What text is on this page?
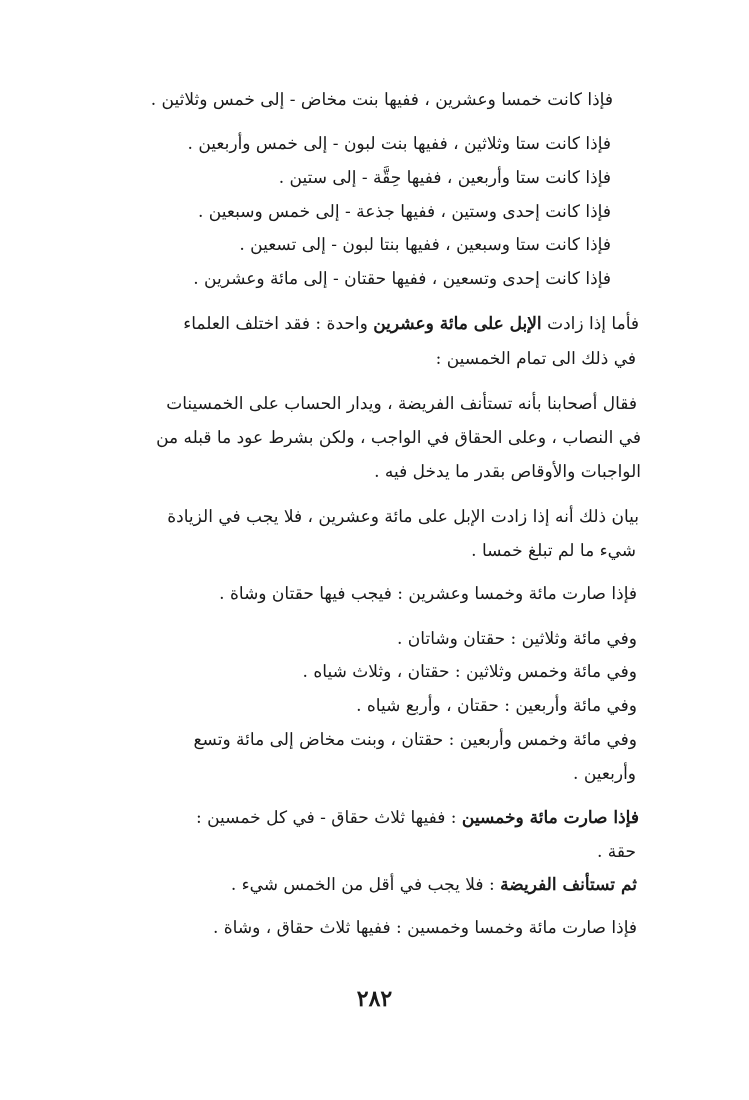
فإذا كانت خمسا وعشرين ، ففيها بنت مخاض - إلى خمس وثلاثين .

فإذا كانت ستا وثلاثين ، ففيها بنت لبون - إلى خمس وأربعين .

فإذا كانت ستا وأربعين ، ففيها حِقَّة - إلى ستين .

فإذا كانت إحدى وستين ، ففيها جذعة - إلى خمس وسبعين .

فإذا كانت ستا وسبعين ، ففيها بنتا لبون - إلى تسعين .

فإذا كانت إحدى وتسعين ، ففيها حقتان - إلى مائة وعشرين .

فأما إذا زادت الإبل على مائة وعشرين واحدة : فقد اختلف العلماء

في ذلك الى تمام الخمسين :

فقال أصحابنا بأنه تستأنف الفريضة ، ويدار الحساب على الخمسينات

في النصاب ، وعلى الحقاق في الواجب ، ولكن بشرط عود ما قبله من

الواجبات والأوقاص بقدر ما يدخل فيه .

بيان ذلك أنه إذا زادت الإبل على مائة وعشرين ، فلا يجب في الزيادة

شيء ما لم تبلغ خمسا .

فإذا صارت مائة وخمسا وعشرين : فيجب فيها حقتان وشاة .

وفي مائة وثلاثين : حقتان وشاتان .

وفي مائة وخمس وثلاثين : حقتان ، وثلاث شياه .

وفي مائة وأربعين : حقتان ، وأربع شياه .

وفي مائة وخمس وأربعين : حقتان ، وبنت مخاض إلى مائة وتسع

وأربعين .

فإذا صارت مائة وخمسين : ففيها ثلاث حقاق - في كل خمسين :

حقة .

ثم تستأنف الفريضة : فلا يجب في أقل من الخمس شيء .

فإذا صارت مائة وخمسا وخمسين : ففيها ثلاث حقاق ، وشاة .

٢٨٢
